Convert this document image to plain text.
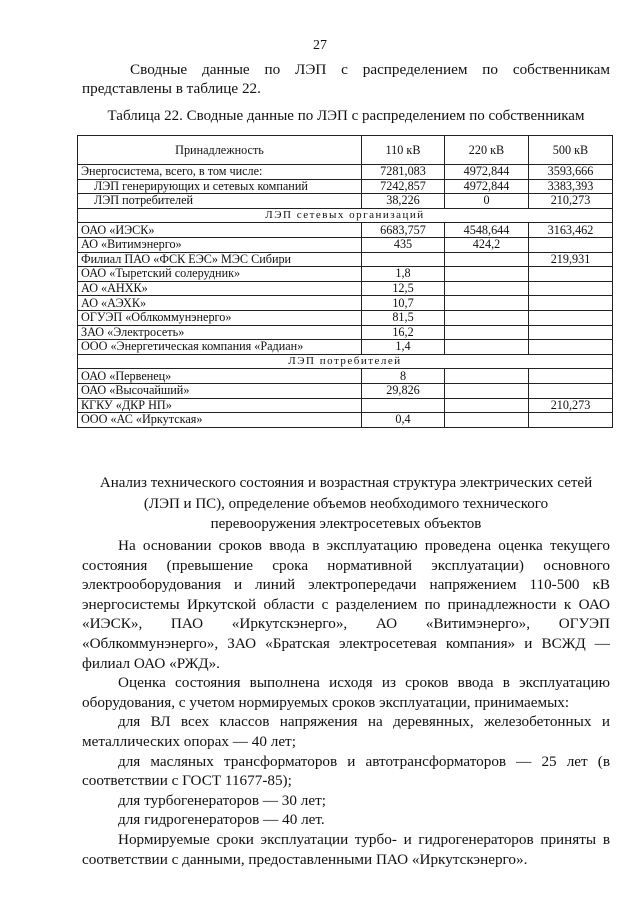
27
Сводные данные по ЛЭП с распределением по собственникам
представлены в таблице 22.
Таблица 22. Сводные данные по ЛЭП с распределением по собственникам
Принадлежность	110 кВ	220 кВ	500 кВ
Энергосистема, всего, в том числе:	7281,083	4972,844	3593,666
ЛЭП генерирующих и сетевых компаний	7242,857	4972,844	3383,393
ЛЭП потребителей	38,226	0	210,273
ЛЭП сетевых организаций			
ОАО «ИЭСК»	6683,757	4548,644	3163,462
АО «Витимэнерго»	435	424,2	
Филиал ПАО «ФСК ЕЭС» МЭС Сибири			219,931
ОАО «Тыретский солерудник»	1,8		
АО «АНХК»	12,5		
АО «АЭХК»	10,7		
ОГУЭП «Облкоммунэнерго»	81,5		
ЗАО «Электросеть»	16,2		
ООО «Энергетическая компания «Радиан»	1,4		
ЛЭП потребителей			
ОАО «Первенец»	8		
ОАО «Высочайший»	29,826		
КГКУ «ДКР НП»			210,273
ООО «АС «Иркутская»	0,4		
Анализ технического состояния и возрастная структура электрических сетей
(ЛЭП и ПС), определение объемов необходимого технического
перевооружения электросетевых объектов

На основании сроков ввода в эксплуатацию проведена оценка текущего состояния (превышение срока нормативной эксплуатации) основного электрооборудования и линий электропередачи напряжением 110-500 кВ энергосистемы Иркутской области с разделением по принадлежности к ОАО «ИЭСК», ПАО «Иркутскэнерго», АО «Витимэнерго», ОГУЭП «Облкоммунэнерго», ЗАО «Братская электросетевая компания» и ВСЖД — филиал ОАО «РЖД».

Оценка состояния выполнена исходя из сроков ввода в эксплуатацию оборудования, с учетом нормируемых сроков эксплуатации, принимаемых:

для ВЛ всех классов напряжения на деревянных, железобетонных и металлических опорах — 40 лет;

для масляных трансформаторов и автотрансформаторов — 25 лет (в соответствии с ГОСТ 11677-85);

для турбогенераторов — 30 лет;

для гидрогенераторов — 40 лет.

Нормируемые сроки эксплуатации турбо- и гидрогенераторов приняты в соответствии с данными, предоставленными ПАО «Иркутскэнерго».
